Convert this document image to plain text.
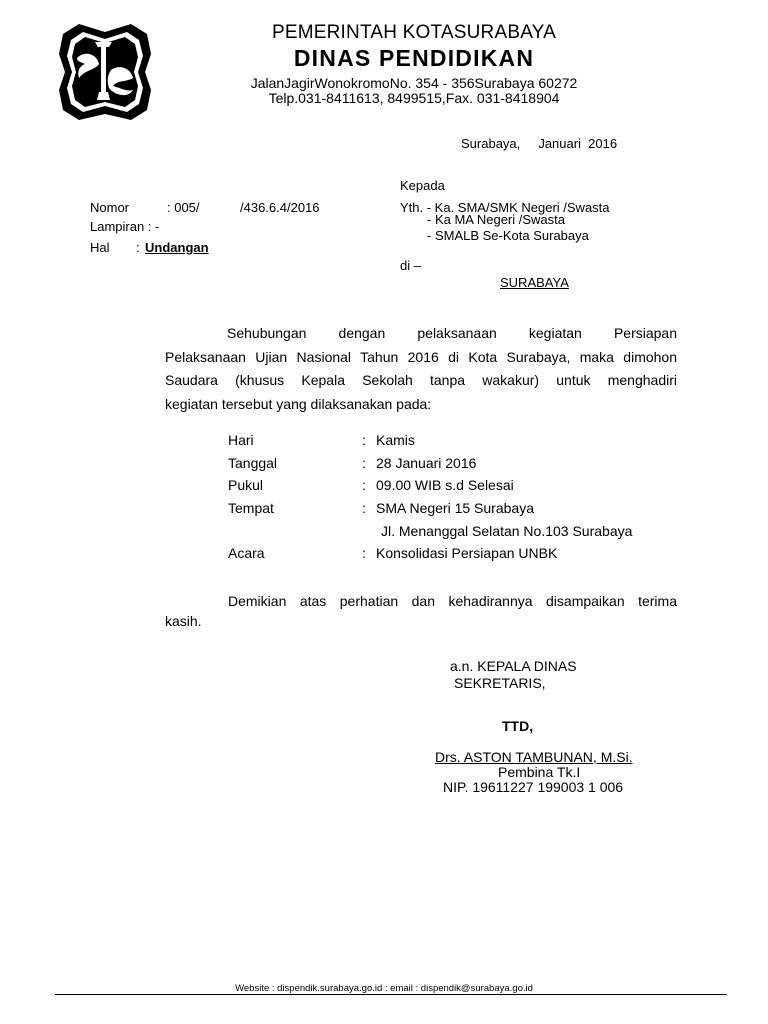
PEMERINTAH KOTASURABAYA
DINAS PENDIDIKAN
JalanJagirWonokromoNo. 354 - 356Surabaya 60272
Telp.031-8411613, 8499515,Fax. 031-8418904
Surabaya,     Januari  2016
Kepada
Yth. - Ka. SMA/SMK Negeri /Swasta
- Ka MA Negeri /Swasta
- SMALB Se-Kota Surabaya
di –
SURABAYA
Nomor	: 005/	/436.6.4/2016
Lampiran : -
Hal : Undangan
Sehubungan    dengan    pelaksanaan    kegiatan    Persiapan
Pelaksanaan Ujian Nasional Tahun 2016 di Kota Surabaya, maka dimohon
Saudara  (khusus  Kepala  Sekolah  tanpa  wakakur)  untuk  menghadiri
kegiatan tersebut yang dilaksanakan pada:
Hari	: Kamis
Tanggal	: 28 Januari 2016
Pukul	: 09.00 WIB s.d Selesai
Tempat	: SMA Negeri 15 Surabaya
Jl. Menanggal Selatan No.103 Surabaya
Acara	: Konsolidasi Persiapan UNBK
Demikian  atas  perhatian  dan  kehadirannya  disampaikan  terima
kasih.
a.n. KEPALA DINAS
SEKRETARIS,
TTD,
Drs. ASTON TAMBUNAN, M.Si.
Pembina Tk.I
NIP. 19611227 199003 1 006
Website : dispendik.surabaya.go.id : email : dispendik@surabaya.go.id
